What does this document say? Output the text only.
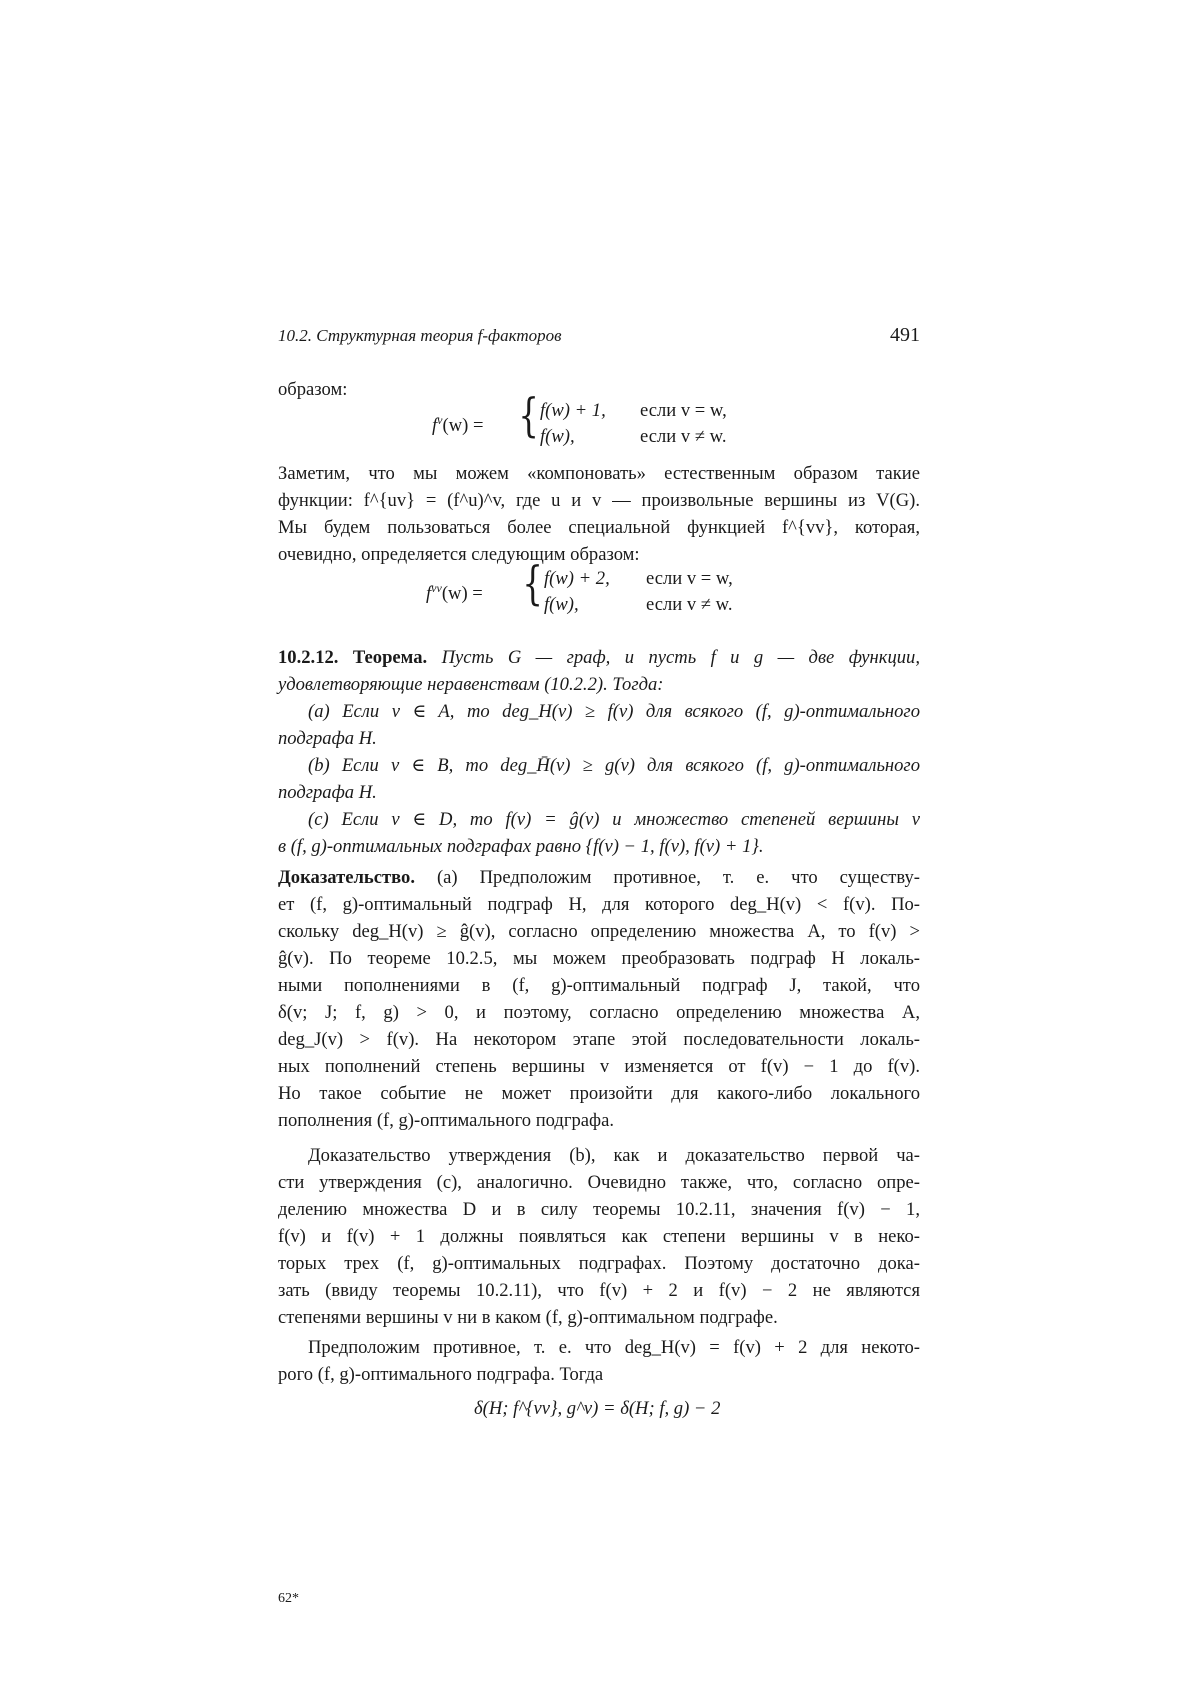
10.2. Структурная теория f-факторов	491
образом:
$f^v(w)$ = { f(w) + 1, если v = w,
f(w),	если v ≠ w.
Заметим, что мы можем «компоновать» естественным образом такие
функции: f^{uv} = (f^u)^v, где u и v — произвольные вершины из V(G).
Мы будем пользоваться более специальной функцией f^{vv}, которая,
очевидно, определяется следующим образом:
$f^{vv}(w)$ = { f(w) + 2, если v = w,
f(w),	если v ≠ w.
10.2.12. Теорема. Пусть G — граф, и пусть f и g — две функции,
удовлетворяющие неравенствам (10.2.2). Тогда:
(a) Если v ∈ A, то deg_H(v) ≥ f(v) для всякого (f, g)-оптимального
подграфа H.
(b) Если v ∈ B, то deg_H̄(v) ≥ g(v) для всякого (f, g)-оптимального
подграфа H.
(c) Если v ∈ D, то f(v) = ĝ(v) и множество степеней вершины v
в (f, g)-оптимальных подграфах равно {f(v) − 1, f(v), f(v) + 1}.
Доказательство. (a) Предположим противное, т. е. что существу-
ет (f, g)-оптимальный подграф H, для которого deg_H(v) < f(v). По-
скольку deg_H(v) ≥ ĝ(v), согласно определению множества A, то f(v) >
ĝ(v). По теореме 10.2.5, мы можем преобразовать подграф H локаль-
ными пополнениями в (f, g)-оптимальный подграф J, такой, что
δ(v; J; f, g) > 0, и поэтому, согласно определению множества A,
deg_J(v) > f(v). На некотором этапе этой последовательности локаль-
ных пополнений степень вершины v изменяется от f(v) − 1 до f(v).
Но такое событие не может произойти для какого-либо локального
пополнения (f, g)-оптимального подграфа.
Доказательство утверждения (b), как и доказательство первой ча-
сти утверждения (c), аналогично. Очевидно также, что, согласно опре-
делению множества D и в силу теоремы 10.2.11, значения f(v) − 1,
f(v) и f(v) + 1 должны появляться как степени вершины v в неко-
торых трех (f, g)-оптимальных подграфах. Поэтому достаточно дока-
зать (ввиду теоремы 10.2.11), что f(v) + 2 и f(v) − 2 не являются
степенями вершины v ни в каком (f, g)-оптимальном подграфе.
Предположим противное, т. е. что deg_H(v) = f(v) + 2 для некото-
рого (f, g)-оптимального подграфа. Тогда
δ(H; f^{vv}, g^v) = δ(H; f, g) − 2
62*
